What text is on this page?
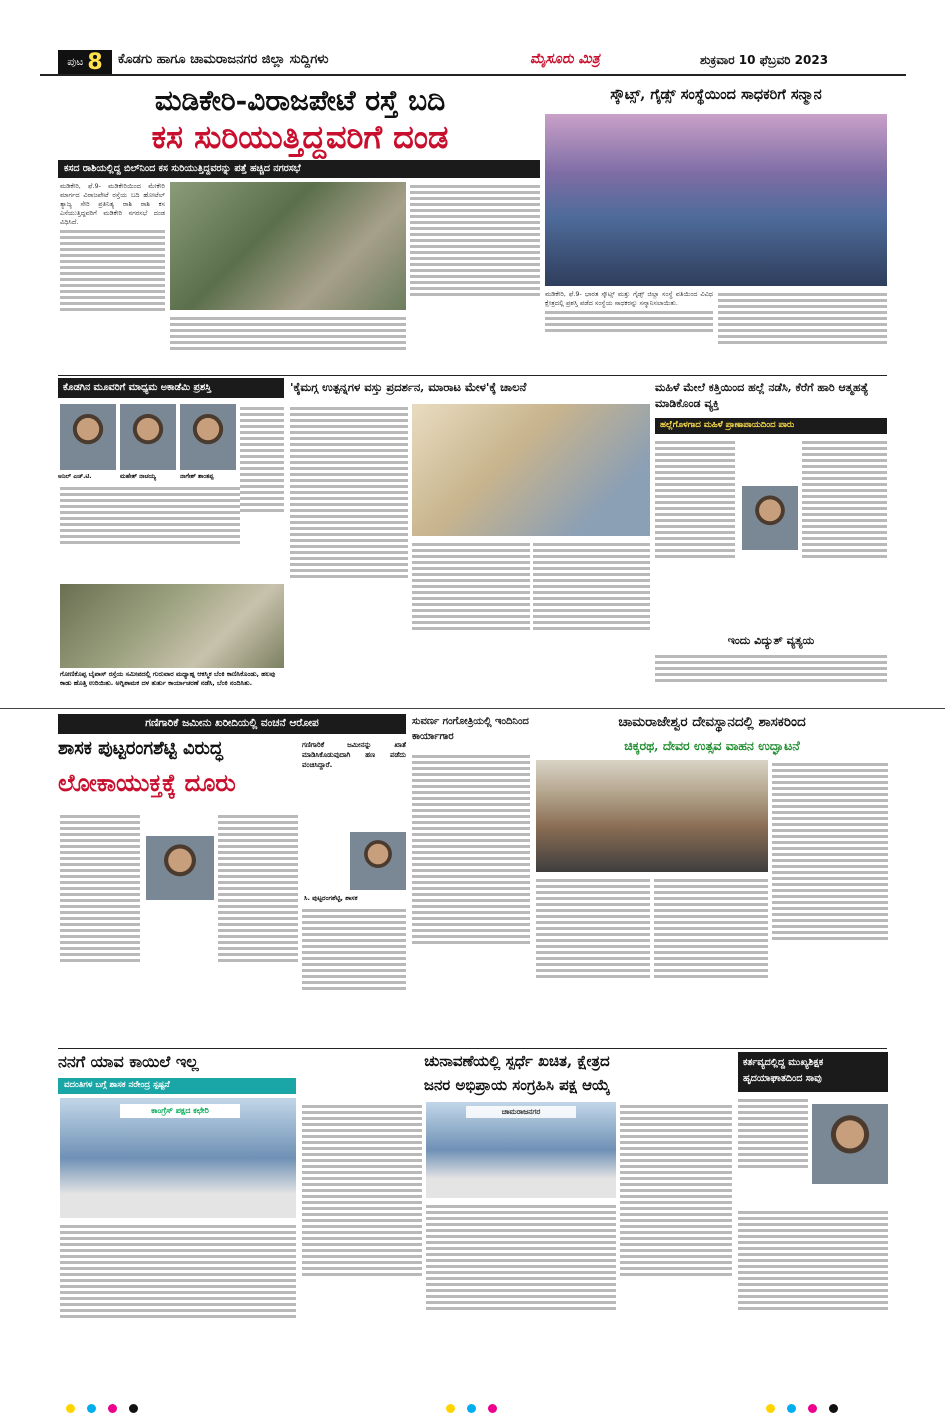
ಪುಟ 8 ಕೊಡಗು ಹಾಗೂ ಚಾಮರಾಜನಗರ ಜಿಲ್ಲಾ ಸುದ್ದಿಗಳು	ಮೈಸೂರು ಮಿತ್ರ	ಶುಕ್ರವಾರ 10 ಫೆಬ್ರವರಿ 2023
ಮಡಿಕೇರಿ-ವಿರಾಜಪೇಟೆ ರಸ್ತೆ ಬದಿ
ಕಸ ಸುರಿಯುತ್ತಿದ್ದವರಿಗೆ ದಂಡ
ಕಸದ ರಾಶಿಯಲ್ಲಿದ್ದ ಬಿಲ್‌ನಿಂದ ಕಸ ಸುರಿಯುತ್ತಿದ್ದವರನ್ನು ಪತ್ತೆ ಹಚ್ಚಿದ ನಗರಸಭೆ
ಮಡಿಕೇರಿ, ಫೆ.9- ಮಡಿಕೇರಿಯಿಂದ ಮೇಕೇರಿ ಮಾರ್ಗದ ವಿರಾಜಪೇಟೆ ರಸ್ತೆಯ ಬದಿ ಹೋಟೆಲ್ ತ್ಯಾಜ್ಯ ಸೇರಿ ಪ್ರತಿನಿತ್ಯ ರಾಶಿ ರಾಶಿ ಕಸ ಎಸೆಯುತ್ತಿದ್ದವರಿಗೆ ಮಡಿಕೇರಿ ನಗರಸಭೆ ದಂಡ ವಿಧಿಸಿದೆ.
ಸ್ಕೌಟ್ಸ್, ಗೈಡ್ಸ್ ಸಂಸ್ಥೆಯಿಂದ ಸಾಧಕರಿಗೆ ಸನ್ಮಾನ
ಮಡಿಕೇರಿ, ಫೆ.9- ಭಾರತ ಸ್ಕೌಟ್ಸ್ ಮತ್ತು ಗೈಡ್ಸ್ ಜಿಲ್ಲಾ ಸಂಸ್ಥೆ ವತಿಯಿಂದ ವಿವಿಧ ಕ್ಷೇತ್ರದಲ್ಲಿ ಪ್ರಶಸ್ತಿ ಪಡೆದ ಸಂಸ್ಥೆಯ ಸಾಧಕರನ್ನು ಸನ್ಮಾನಿಸಲಾಯಿತು.
ಕೊಡಗಿನ ಮೂವರಿಗೆ ಮಾಧ್ಯಮ ಅಕಾಡೆಮಿ ಪ್ರಶಸ್ತಿ
ಅನಿಲ್ ಎಚ್.ಟಿ.	ಮಹೇಶ್ ನಾಚಯ್ಯ	ನಾಗೇಶ್ ಶಾಂತಪ್ಪ
ಗೋಣಿಕೊಪ್ಪ ಬೈಪಾಸ್ ರಸ್ತೆಯ ಸಮೀಪದಲ್ಲಿ ಗುರುವಾರ ಮಧ್ಯಾಹ್ನ ಆಕಸ್ಮಿಕ ಬೆಂಕಿ ಕಾಣಿಸಿಕೊಂಡು, ಹಲವು ಕಾಡು ಹೊತ್ತಿ ಉರಿಯಿತು. ಅಗ್ನಿಶಾಮಕ ದಳ ತುರ್ತು ಕಾರ್ಯಾಚರಣೆ ನಡೆಸಿ, ಬೆಂಕಿ ನಂದಿಸಿತು.
'ಕೈಮಗ್ಗ ಉತ್ಪನ್ನಗಳ ವಸ್ತು ಪ್ರದರ್ಶನ, ಮಾರಾಟ ಮೇಳ'ಕ್ಕೆ ಚಾಲನೆ	ಮಹಿಳೆ ಮೇಲೆ ಕತ್ತಿಯಿಂದ ಹಲ್ಲೆ ನಡೆಸಿ, ಕೆರೆಗೆ ಹಾರಿ ಆತ್ಮಹತ್ಯೆ ಮಾಡಿಕೊಂಡ ವ್ಯಕ್ತಿ
ಹಲ್ಲೆಗೊಳಗಾದ ಮಹಿಳೆ ಪ್ರಾಣಾಪಾಯದಿಂದ ಪಾರು
ಇಂದು ವಿದ್ಯುತ್ ವ್ಯತ್ಯಯ
ಗಣಿಗಾರಿಕೆ ಜಮೀನು ಖರೀದಿಯಲ್ಲಿ ವಂಚನೆ ಆರೋಪ
ಶಾಸಕ ಪುಟ್ಟರಂಗಶೆಟ್ಟಿ ವಿರುದ್ಧ
ಲೋಕಾಯುಕ್ತಕ್ಕೆ ದೂರು
ಗಣಿಗಾರಿಕೆ ಜಮೀನನ್ನು ಖಾತೆ ಮಾಡಿಸಿಕೊಡುವುದಾಗಿ ಹಣ ಪಡೆದು ವಂಚಿಸಿದ್ದಾರೆ.
ಸಿ. ಪುಟ್ಟರಂಗಶೆಟ್ಟಿ, ಶಾಸಕ
ಸುವರ್ಣ ಗಂಗೋತ್ರಿಯಲ್ಲಿ ಇಂದಿನಿಂದ ಕಾರ್ಯಾಗಾರ
ಚಾಮರಾಜೇಶ್ವರ ದೇವಸ್ಥಾನದಲ್ಲಿ ಶಾಸಕರಿಂದ
ಚಿಕ್ಕರಥ, ದೇವರ ಉತ್ಸವ ವಾಹನ ಉದ್ಘಾಟನೆ
ನನಗೆ ಯಾವ ಕಾಯಿಲೆ ಇಲ್ಲ
ವದಂತಿಗಳ ಬಗ್ಗೆ ಶಾಸಕ ನರೇಂದ್ರ ಸ್ಪಷ್ಟನೆ
ಕಾಂಗ್ರೆಸ್ ಪಕ್ಷದ ಕಛೇರಿ
ಚುನಾವಣೆಯಲ್ಲಿ ಸ್ಪರ್ಧೆ ಖಚಿತ, ಕ್ಷೇತ್ರದ
ಜನರ ಅಭಿಪ್ರಾಯ ಸಂಗ್ರಹಿಸಿ ಪಕ್ಷ ಆಯ್ಕೆ
ಚಾಮರಾಜನಗರ
ಕರ್ತವ್ಯದಲ್ಲಿದ್ದ ಮುಖ್ಯಶಿಕ್ಷಕ ಹೃದಯಾಘಾತದಿಂದ ಸಾವು
